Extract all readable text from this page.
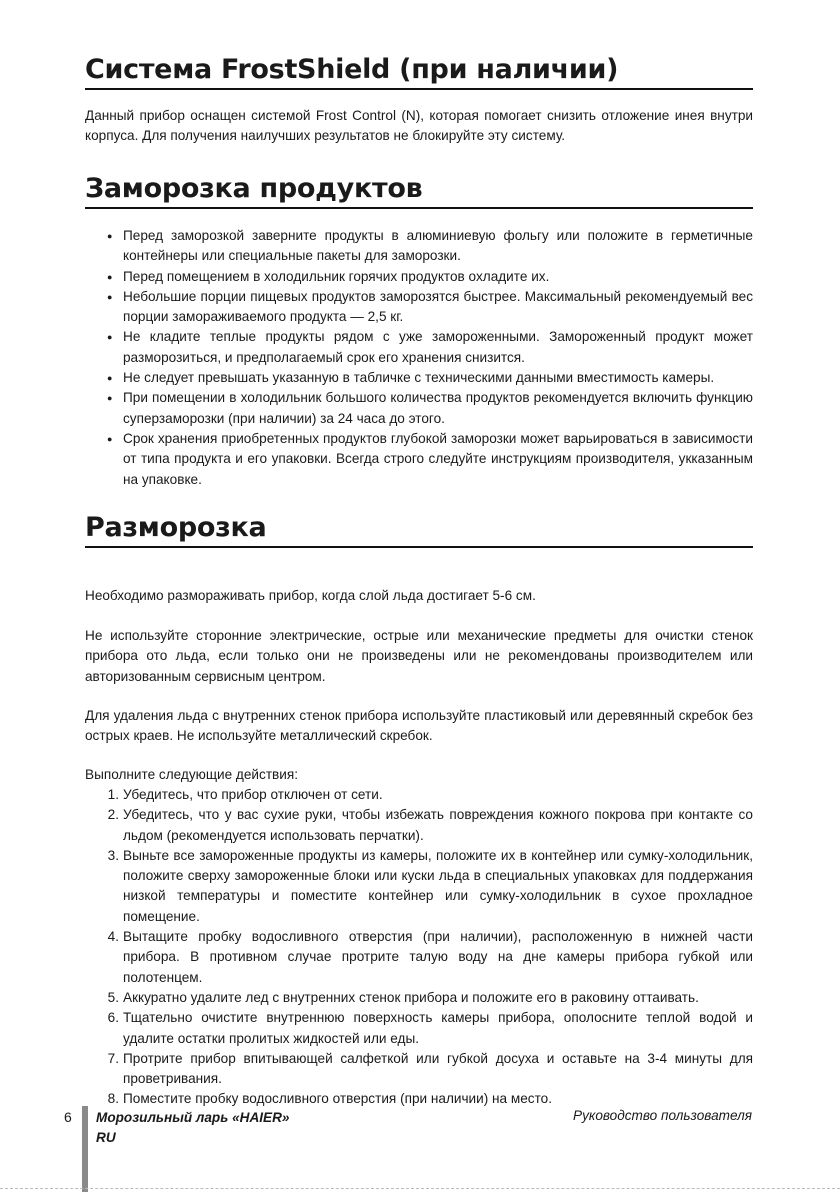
Система FrostShield (при наличии)

Данный прибор оснащен системой Frost Control (N), которая помогает снизить отложение инея внутри корпуса. Для получения наилучших результатов не блокируйте эту систему.

Заморозка продуктов
● Перед заморозкой заверните продукты в алюминиевую фольгу или положите в герметичные контейнеры или специальные пакеты для заморозки.
● Перед помещением в холодильник горячих продуктов охладите их.
● Небольшие порции пищевых продуктов заморозятся быстрее. Максимальный рекомендуемый вес порции замораживаемого продукта — 2,5 кг.
● Не кладите теплые продукты рядом с уже замороженными. Замороженный продукт может разморозиться, и предполагаемый срок его хранения снизится.
● Не следует превышать указанную в табличке с техническими данными вместимость камеры.
● При помещении в холодильник большого количества продуктов рекомендуется включить функцию суперзаморозки (при наличии) за 24 часа до этого.
● Срок хранения приобретенных продуктов глубокой заморозки может варьироваться в зависимости от типа продукта и его упаковки. Всегда строго следуйте инструкциям производителя, укказанным на упаковке.
Разморозка

Необходимо размораживать прибор, когда слой льда достигает 5-6 см.

Не используйте сторонние электрические, острые или механические предметы для очистки стенок прибора ото льда, если только они не произведены или не рекомендованы производителем или авторизованным сервисным центром.

Для удаления льда с внутренних стенок прибора используйте пластиковый или деревянный скребок без острых краев. Не используйте металлический скребок.

Выполните следующие действия:

1. Убедитесь, что прибор отключен от сети.
2. Убедитесь, что у вас сухие руки, чтобы избежать повреждения кожного покрова при контакте со льдом (рекомендуется использовать перчатки).
3. Выньте все замороженные продукты из камеры, положите их в контейнер или сумку-холодильник, положите сверху замороженные блоки или куски льда в специальных упаковках для поддержания низкой температуры и поместите контейнер или сумку-холодильник в сухое прохладное помещение.
4. Вытащите пробку водосливного отверстия (при наличии), расположенную в нижней части прибора. В противном случае протрите талую воду на дне камеры прибора губкой или полотенцем.
5. Аккуратно удалите лед с внутренних стенок прибора и положите его в раковину оттаивать.
6. Тщательно очистите внутреннюю поверхность камеры прибора, ополосните теплой водой и удалите остатки пролитых жидкостей или еды.
7. Протрите прибор впитывающей салфеткой или губкой досуха и оставьте на 3-4 минуты для проветривания.
8. Поместите пробку водосливного отверстия (при наличии) на место.
6 Морозильный ларь «HAIER»
RU
Руководство пользователя
